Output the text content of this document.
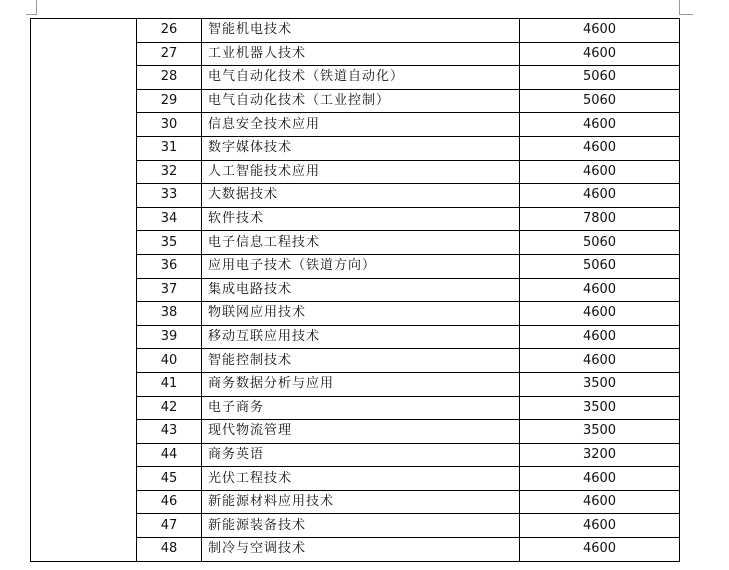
	26	智能机电技术	4600
	27	工业机器人技术	4600
	28	电气自动化技术（铁道自动化）	5060
	29	电气自动化技术（工业控制）	5060
	30	信息安全技术应用	4600
	31	数字媒体技术	4600
	32	人工智能技术应用	4600
	33	大数据技术	4600
	34	软件技术	7800
	35	电子信息工程技术	5060
	36	应用电子技术（铁道方向）	5060
	37	集成电路技术	4600
	38	物联网应用技术	4600
	39	移动互联应用技术	4600
	40	智能控制技术	4600
	41	商务数据分析与应用	3500
	42	电子商务	3500
	43	现代物流管理	3500
	44	商务英语	3200
	45	光伏工程技术	4600
	46	新能源材料应用技术	4600
	47	新能源装备技术	4600
	48	制冷与空调技术	4600
